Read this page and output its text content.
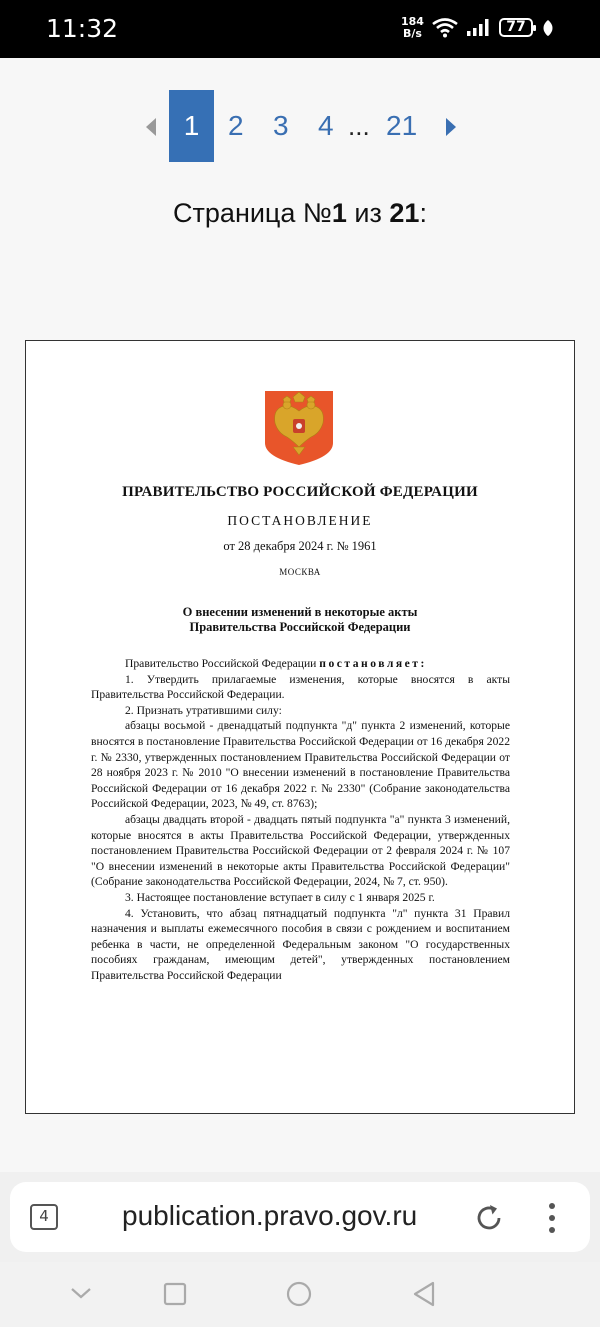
11:32	184
B/s	77
1	2 3 4 ... 21
Страница №1 из 21:
ПРАВИТЕЛЬСТВО РОССИЙСКОЙ ФЕДЕРАЦИИ
ПОСТАНОВЛЕНИЕ
от 28 декабря 2024 г. № 1961
МОСКВА
О внесении изменений в некоторые акты
Правительства Российской Федерации

Правительство Российской Федерации постановляет:

1. Утвердить прилагаемые изменения, которые вносятся в акты Правительства Российской Федерации.

2. Признать утратившими силу:

абзацы восьмой - двенадцатый подпункта "д" пункта 2 изменений, которые вносятся в постановление Правительства Российской Федерации от 16 декабря 2022 г. № 2330, утвержденных постановлением Правительства Российской Федерации от 28 ноября 2023 г. № 2010 "О внесении изменений в постановление Правительства Российской Федерации от 16 декабря 2022 г. № 2330" (Собрание законодательства Российской Федерации, 2023, № 49, ст. 8763);

абзацы двадцать второй - двадцать пятый подпункта "а" пункта 3 изменений, которые вносятся в акты Правительства Российской Федерации, утвержденных постановлением Правительства Российской Федерации от 2 февраля 2024 г. № 107 "О внесении изменений в некоторые акты Правительства Российской Федерации" (Собрание законодательства Российской Федерации, 2024, № 7, ст. 950).

3. Настоящее постановление вступает в силу с 1 января 2025 г.

4. Установить, что абзац пятнадцатый подпункта "л" пункта 31 Правил назначения и выплаты ежемесячного пособия в связи с рождением и воспитанием ребенка в части, не определенной Федеральным законом "О государственных пособиях гражданам, имеющим детей", утвержденных постановлением Правительства Российской Федерации

4	publication.pravo.gov.ru
